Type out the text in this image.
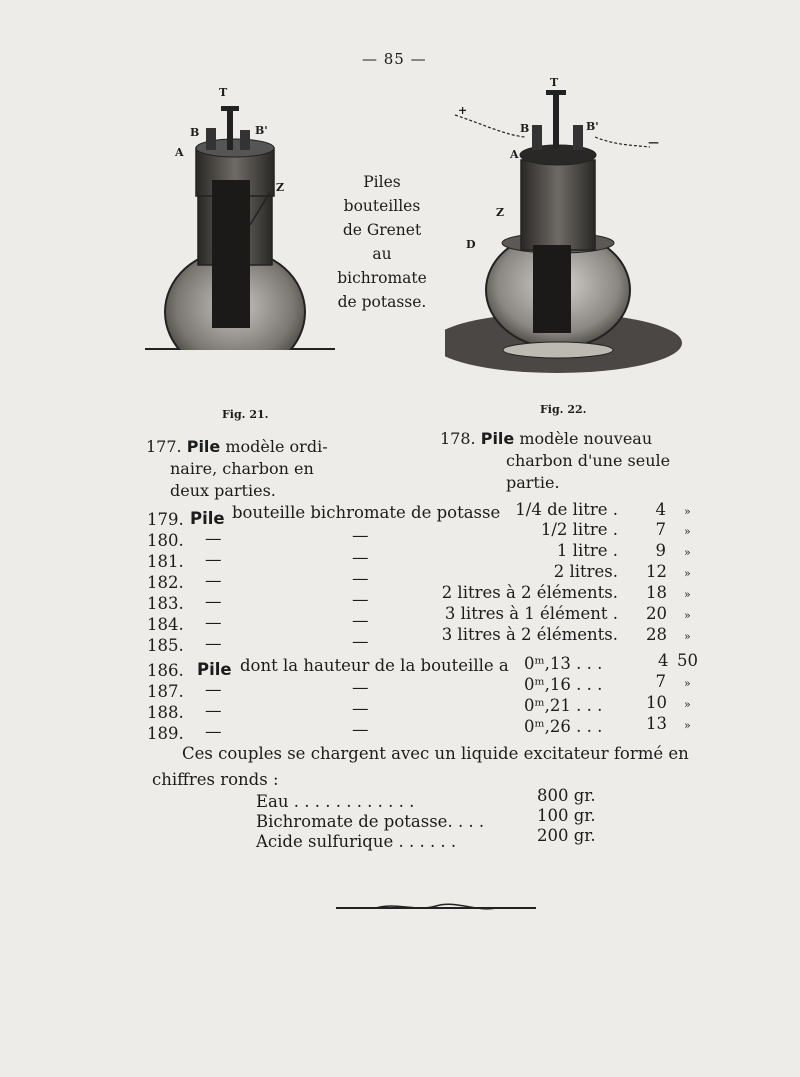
— 85 —
T
B	B'
A
Z	Piles
bouteilles
de Grenet
au
bichromate
de potasse.
T
B	B'
A
Z
D
+
—
Fig. 21.	Fig. 22.
177. Pile modèle ordi-
naire, charbon en
deux parties.
178. Pile modèle nouveau
charbon d'une seule
partie.
179. Pile bouteille bichromate de potasse 1/4 de litre .	4 »
180. —	—	1/2 litre .	7 »
181. —	—	1 litre .	9 »
182. —	—	2 litres. 12 »
183. —	—	2 litres à 2 éléments. 18 »
184. —	—	3 litres à 1 élément . 20 »
185. —	—	3 litres à 2 éléments. 28 »
186. Pile dont la hauteur de la bouteille a 0ᵐ,13 . . .	4 50
187. —	—	0ᵐ,16 . . .	7 »
188. —	—	0ᵐ,21 . . .	10 »
189. —	—	0ᵐ,26 . . .	13 »
Ces couples se chargent avec un liquide excitateur formé en
chiffres ronds :
Eau . . . . . . . . . . . .	800 gr.
Bichromate de potasse. . . .	100 gr.
Acide sulfurique . . . . . .	200 gr.
